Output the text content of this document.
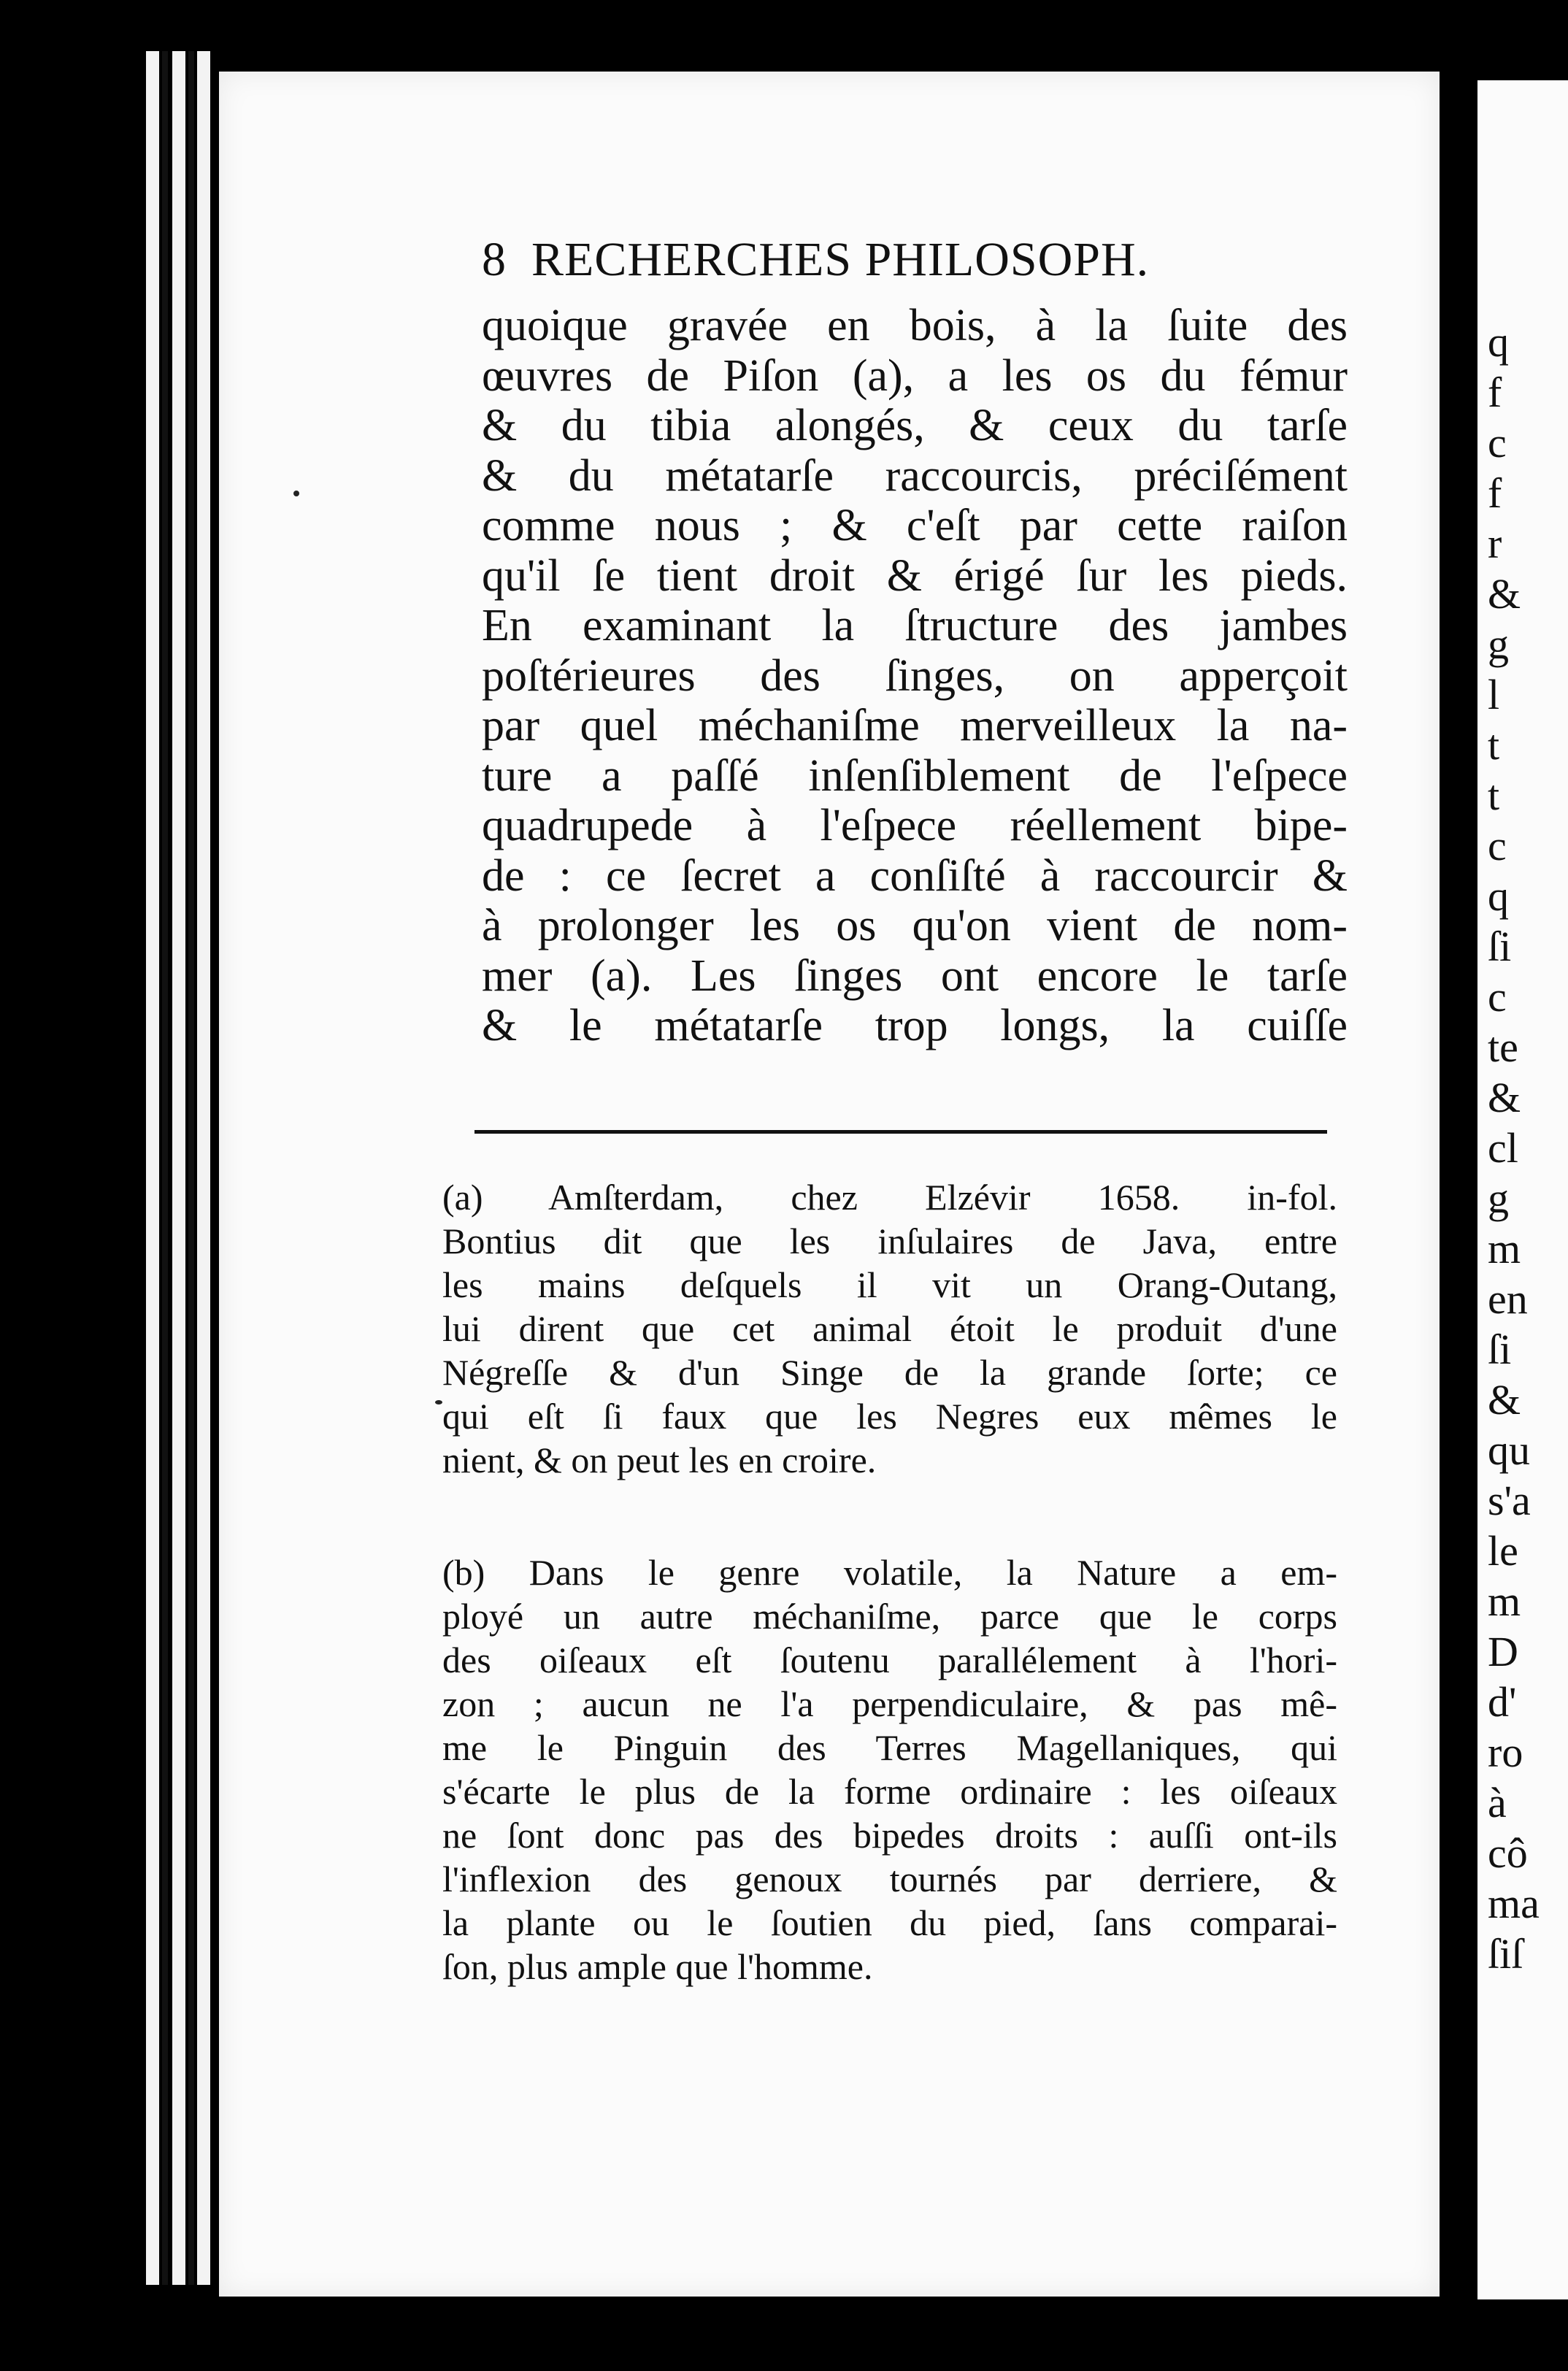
q
f
c
f
r
&
g
l
t
t
c
q
ſi
c
te
&
cl
g
m
en
ſi
&
qu
s'a
le
m
D
d'
ro
à
cô
ma
ſiſ
8 RECHERCHES PHILOSOPH.
quoique gravée en bois, à la ſuite des
œuvres de Piſon (a), a les os du fémur
& du tibia alongés, & ceux du tarſe
& du métatarſe raccourcis, préciſément
comme nous ; & c'eſt par cette raiſon
qu'il ſe tient droit & érigé ſur les pieds.
En examinant la ſtructure des jambes
poſtérieures des ſinges, on apperçoit
par quel méchaniſme merveilleux la na-
ture a paſſé inſenſiblement de l'eſpece
quadrupede à l'eſpece réellement bipe-
de : ce ſecret a conſiſté à raccourcir &
à prolonger les os qu'on vient de nom-
mer (a). Les ſinges ont encore le tarſe
& le métatarſe trop longs, la cuiſſe
(a) Amſterdam, chez Elzévir 1658. in-fol.
Bontius dit que les inſulaires de Java, entre
les mains deſquels il vit un Orang-Outang,
lui dirent que cet animal étoit le produit d'une
Négreſſe & d'un Singe de la grande ſorte; ce
qui eſt ſi faux que les Negres eux mêmes le
nient, & on peut les en croire.
(b) Dans le genre volatile, la Nature a em-
ployé un autre méchaniſme, parce que le corps
des oiſeaux eſt ſoutenu parallélement à l'hori-
zon ; aucun ne l'a perpendiculaire, & pas mê-
me le Pinguin des Terres Magellaniques, qui
s'écarte le plus de la forme ordinaire : les oiſeaux
ne ſont donc pas des bipedes droits : auſſi ont-ils
l'inflexion des genoux tournés par derriere, &
la plante ou le ſoutien du pied, ſans comparai-
ſon, plus ample que l'homme.
